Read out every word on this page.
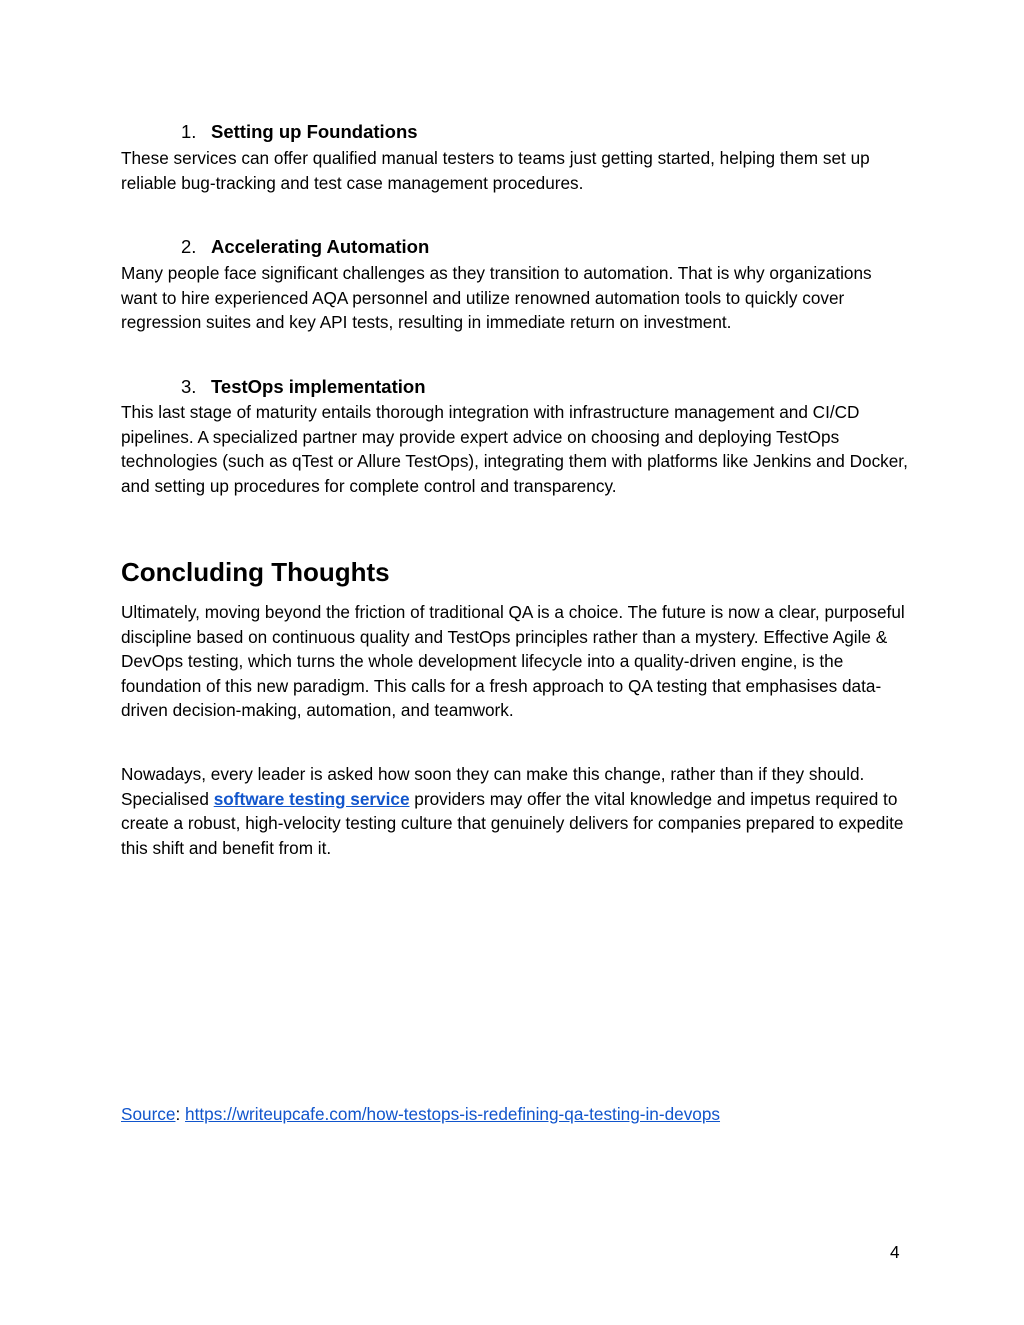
1. Setting up Foundations

These services can offer qualified manual testers to teams just getting started, helping them set up reliable bug-tracking and test case management procedures.

2. Accelerating Automation

Many people face significant challenges as they transition to automation. That is why organizations want to hire experienced AQA personnel and utilize renowned automation tools to quickly cover regression suites and key API tests, resulting in immediate return on investment.

3. TestOps implementation

This last stage of maturity entails thorough integration with infrastructure management and CI/CD pipelines. A specialized partner may provide expert advice on choosing and deploying TestOps technologies (such as qTest or Allure TestOps), integrating them with platforms like Jenkins and Docker, and setting up procedures for complete control and transparency.

Concluding Thoughts

Ultimately, moving beyond the friction of traditional QA is a choice. The future is now a clear, purposeful discipline based on continuous quality and TestOps principles rather than a mystery. Effective Agile & DevOps testing, which turns the whole development lifecycle into a quality-driven engine, is the foundation of this new paradigm. This calls for a fresh approach to QA testing that emphasises data-driven decision-making, automation, and teamwork.

Nowadays, every leader is asked how soon they can make this change, rather than if they should. Specialised software testing service providers may offer the vital knowledge and impetus required to create a robust, high-velocity testing culture that genuinely delivers for companies prepared to expedite this shift and benefit from it.

Source: https://writeupcafe.com/how-testops-is-redefining-qa-testing-in-devops
4
